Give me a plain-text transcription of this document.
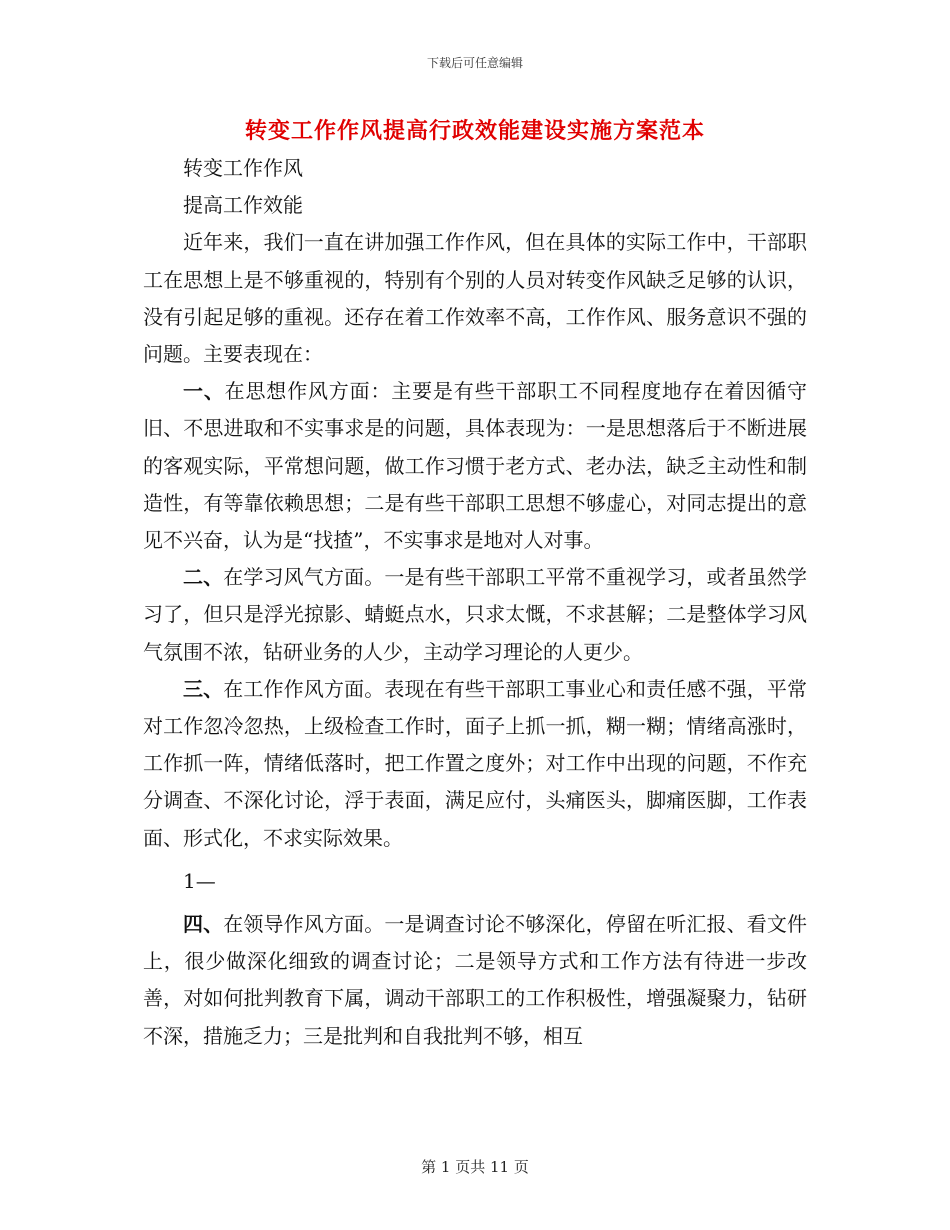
下载后可任意编辑
转变工作作风提高行政效能建设实施方案范本

转变工作作风

提高工作效能

近年来，我们一直在讲加强工作作风，但在具体的实际工作中，干部职工在思想上是不够重视的，特别有个别的人员对转变作风缺乏足够的认识，没有引起足够的重视。还存在着工作效率不高，工作作风、服务意识不强的问题。主要表现在：

一、在思想作风方面：主要是有些干部职工不同程度地存在着因循守旧、不思进取和不实事求是的问题，具体表现为：一是思想落后于不断进展的客观实际，平常想问题，做工作习惯于老方式、老办法，缺乏主动性和制造性，有等靠依赖思想；二是有些干部职工思想不够虚心，对同志提出的意见不兴奋，认为是“找揸”，不实事求是地对人对事。

二、在学习风气方面。一是有些干部职工平常不重视学习，或者虽然学习了，但只是浮光掠影、蜻蜓点水，只求太慨，不求甚解；二是整体学习风气氛围不浓，钻研业务的人少，主动学习理论的人更少。

三、在工作作风方面。表现在有些干部职工事业心和责任感不强，平常对工作忽冷忽热，上级检查工作时，面子上抓一抓，糊一糊；情绪高涨时，工作抓一阵，情绪低落时，把工作置之度外；对工作中出现的问题，不作充分调查、不深化讨论，浮于表面，满足应付，头痛医头，脚痛医脚，工作表面、形式化，不求实际效果。

1—

四、在领导作风方面。一是调查讨论不够深化，停留在听汇报、看文件上，很少做深化细致的调查讨论；二是领导方式和工作方法有待进一步改善，对如何批判教育下属，调动干部职工的工作积极性，增强凝聚力，钻研不深，措施乏力；三是批判和自我批判不够，相互

第 1 页共 11 页
